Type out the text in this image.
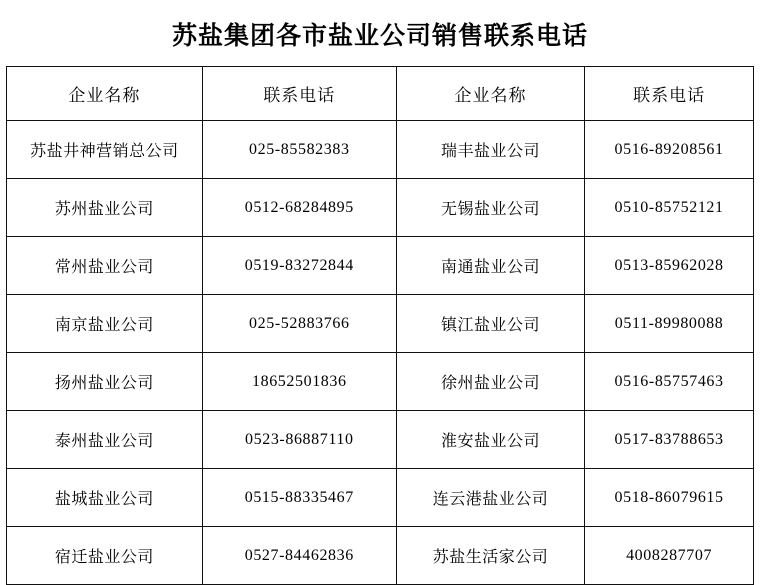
苏盐集团各市盐业公司销售联系电话
企业名称	联系电话	企业名称	联系电话
苏盐井神营销总公司	025-85582383	瑞丰盐业公司	0516-89208561
苏州盐业公司	0512-68284895	无锡盐业公司	0510-85752121
常州盐业公司	0519-83272844	南通盐业公司	0513-85962028
南京盐业公司	025-52883766	镇江盐业公司	0511-89980088
扬州盐业公司	18652501836	徐州盐业公司	0516-85757463
泰州盐业公司	0523-86887110	淮安盐业公司	0517-83788653
盐城盐业公司	0515-88335467	连云港盐业公司	0518-86079615
宿迁盐业公司	0527-84462836	苏盐生活家公司	4008287707
